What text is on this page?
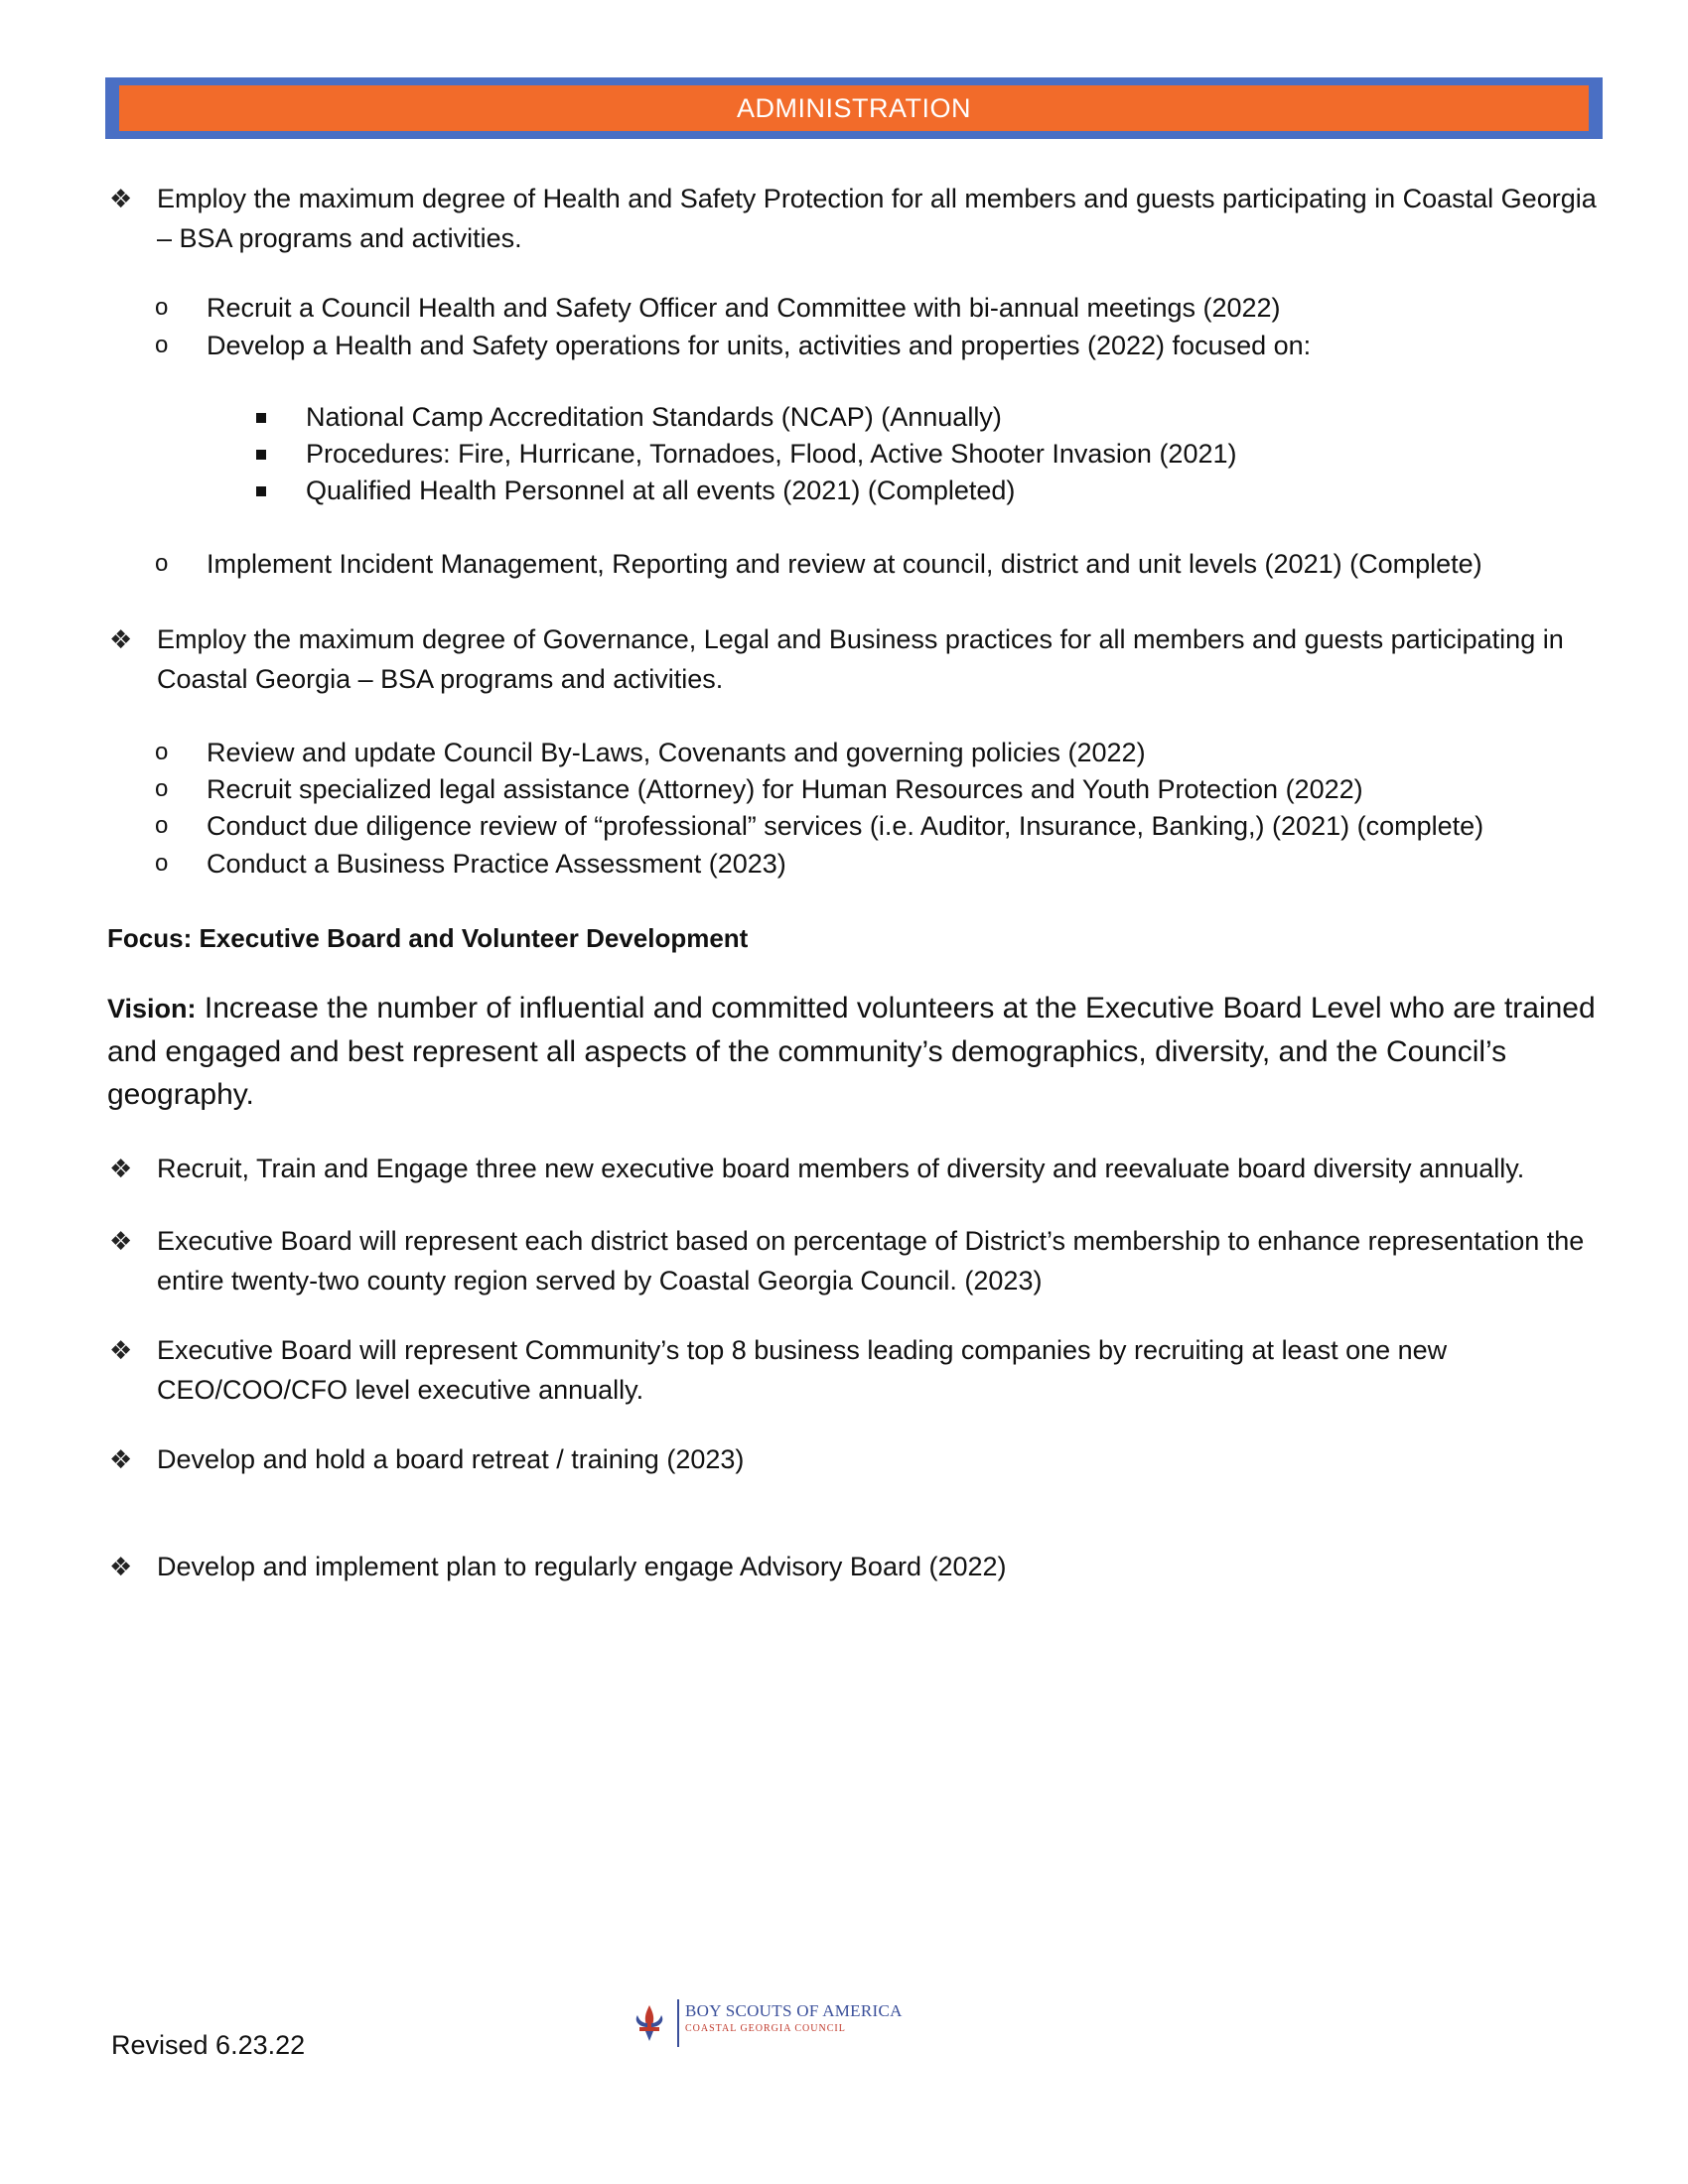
ADMINISTRATION
❖ Employ the maximum degree of Health and Safety Protection for all members and guests participating in Coastal Georgia – BSA programs and activities.
o Recruit a Council Health and Safety Officer and Committee with bi-annual meetings (2022)
o Develop a Health and Safety operations for units, activities and properties (2022) focused on:
National Camp Accreditation Standards (NCAP) (Annually)
Procedures: Fire, Hurricane, Tornadoes, Flood, Active Shooter Invasion (2021)
Qualified Health Personnel at all events (2021) (Completed)
o Implement Incident Management, Reporting and review at council, district and unit levels (2021) (Complete)
❖ Employ the maximum degree of Governance, Legal and Business practices for all members and guests participating in Coastal Georgia – BSA programs and activities.
o Review and update Council By-Laws, Covenants and governing policies (2022)
o Recruit specialized legal assistance (Attorney) for Human Resources and Youth Protection (2022)
o Conduct due diligence review of “professional” services (i.e. Auditor, Insurance, Banking,) (2021) (complete)
o Conduct a Business Practice Assessment (2023)
Focus: Executive Board and Volunteer Development
Vision: Increase the number of influential and committed volunteers at the Executive Board Level who are trained and engaged and best represent all aspects of the community’s demographics, diversity, and the Council’s geography.
❖ Recruit, Train and Engage three new executive board members of diversity and reevaluate board diversity annually.
❖ Executive Board will represent each district based on percentage of District’s membership to enhance representation the entire twenty-two county region served by Coastal Georgia Council. (2023)
❖ Executive Board will represent Community’s top 8 business leading companies by recruiting at least one new CEO/COO/CFO level executive annually.
❖ Develop and hold a board retreat / training (2023)
❖ Develop and implement plan to regularly engage Advisory Board (2022)
Revised 6.23.22
BOY SCOUTS OF AMERICA
COASTAL GEORGIA COUNCIL
